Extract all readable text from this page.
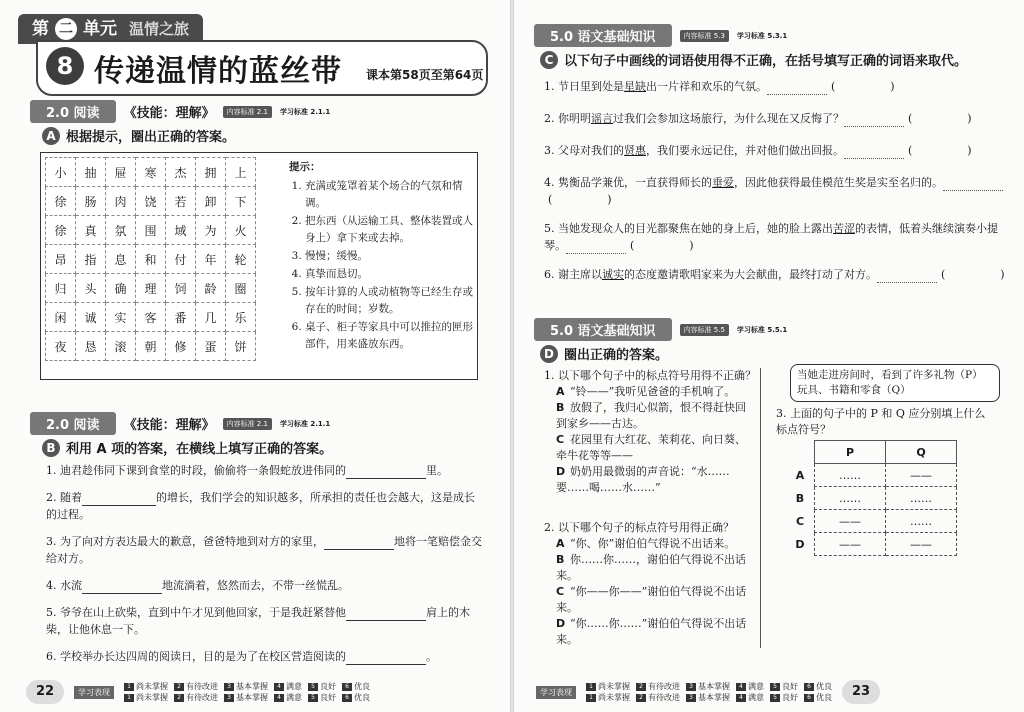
第 二 单元 温情之旅
8 传递温情的蓝丝带 课本第58页至第64页
2.0 阅读	《技能：理解》	内容标准 2.1	学习标准 2.1.1
A 根据提示，圈出正确的答案。
小	抽	屉	寒	杰	拥	上
徐	肠	肉	饶	若	卸	下
徐	真	氛	围	域	为	火
昂	指	息	和	付	年	轮
归	头	确	理	饲	龄	圈
闲	诚	实	客	番	几	乐
夜	恳	滚	朝	修	蛋	饼
提示：
1. 充满或笼罩着某个场合的气氛和情调。
2. 把东西（从运输工具、整体装置或人身上）拿下来或去掉。
3. 慢慢；缓慢。
4. 真挚而恳切。
5. 按年计算的人或动植物等已经生存或存在的时间；岁数。
6. 桌子、柜子等家具中可以推拉的匣形部件，用来盛放东西。
2.0 阅读	《技能：理解》	内容标准 2.1	学习标准 2.1.1
B 利用 A 项的答案，在横线上填写正确的答案。
1. 迪君趁伟同下课到食堂的时段，偷偷将一条假蛇放进伟同的	里。
2. 随着	的增长，我们学会的知识越多，所承担的责任也会越大，这是成长的过程。
3. 为了向对方表达最大的歉意，爸爸特地到对方的家里，	地将一笔赔偿金交给对方。
4. 水流	地流淌着，悠然而去，不带一丝慌乱。
5. 爷爷在山上砍柴，直到中午才见到他回家，于是我赶紧替他	肩上的木柴，让他休息一下。
6. 学校举办长达四周的阅读日，目的是为了在校区营造阅读的	。
22	学习表现
1 尚未掌握	2 有待改进	3 基本掌握	4 满意	5 良好	6 优良
1 尚未掌握	2 有待改进	3 基本掌握	4 满意	5 良好	6 优良
5.0 语文基础知识	内容标准 5.3	学习标准 5.3.1
C 以下句子中画线的词语使用得不正确，在括号填写正确的词语来取代。
1. 节日里到处是星缺出一片祥和欢乐的气氛。	(　　　　　)
2. 你明明谣言过我们会参加这场旅行，为什么现在又反悔了？	(　　　　　)
3. 父母对我们的贤惠，我们要永远记住，并对他们做出回报。	(　　　　　)
4. 隽衡品学兼优，一直获得师长的垂爱，因此他获得最佳模范生奖是实至名归的。(　　　　　)
5. 当她发现众人的目光都聚焦在她的身上后，她的脸上露出苦涩的表情，低着头继续演奏小提琴。	(　　　　　)
6. 谢主席以诚实的态度邀请歌唱家来为大会献曲，最终打动了对方。	(　　　　　)
5.0 语文基础知识	内容标准 5.5	学习标准 5.5.1
D 圈出正确的答案。
1. 以下哪个句子中的标点符号用得不正确？
A “铃——”我听见爸爸的手机响了。
B 放假了，我归心似箭，恨不得赶快回到家乡——古达。
C 花园里有大红花、茉莉花、向日葵、牵牛花等等——
D 奶奶用最微弱的声音说：“水……要……喝……水……”
2. 以下哪个句子的标点符号用得正确？
A “你、你”谢伯伯气得说不出话来。
B 你……你……，谢伯伯气得说不出话来。
C “你——你——”谢伯伯气得说不出话来。
D “你……你……”谢伯伯气得说不出话来。
当她走进房间时，看到了许多礼物（P）玩具、书籍和零食（Q）
3. 上面的句子中的 P 和 Q 应分别填上什么标点符号？
	P	Q
A	……	——
B	……	……
C	——	……
D	——	——
学习表现
1 尚未掌握	2 有待改进	3 基本掌握	4 满意	5 良好	6 优良
1 尚未掌握	2 有待改进	3 基本掌握	4 满意	5 良好	6 优良	23
